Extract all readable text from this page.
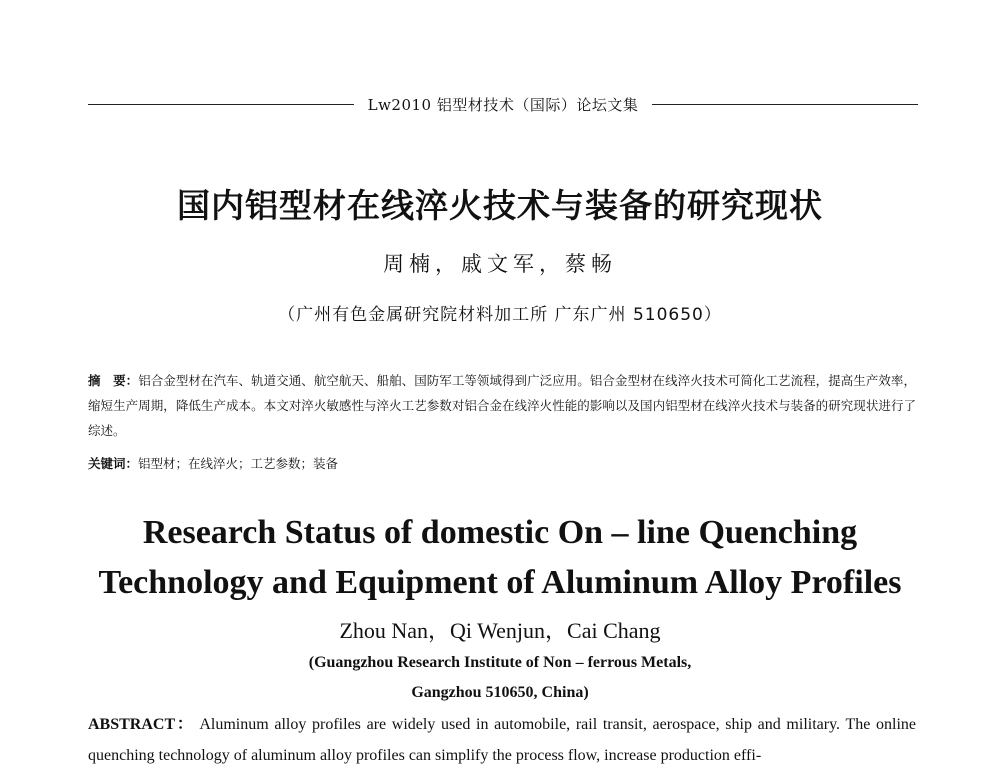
Lw2010 铝型材技术（国际）论坛文集
国内铝型材在线淬火技术与装备的研究现状
周楠，戚文军，蔡畅
（广州有色金属研究院材料加工所 广东广州 510650）
摘　要：铝合金型材在汽车、轨道交通、航空航天、船舶、国防军工等领域得到广泛应用。铝合金型材在线淬火技术可简化工艺流程，提高生产效率，缩短生产周期，降低生产成本。本文对淬火敏感性与淬火工艺参数对铝合金在线淬火性能的影响以及国内铝型材在线淬火技术与装备的研究现状进行了综述。
关键词：铝型材；在线淬火；工艺参数；装备
Research Status of domestic On – line Quenching
Technology and Equipment of Aluminum Alloy Profiles
Zhou Nan，Qi Wenjun，Cai Chang
(Guangzhou Research Institute of Non – ferrous Metals,
Gangzhou 510650, China)
ABSTRACT： Aluminum alloy profiles are widely used in automobile, rail transit, aerospace, ship and military. The online quenching technology of aluminum alloy profiles can simplify the process flow, increase production effi-
